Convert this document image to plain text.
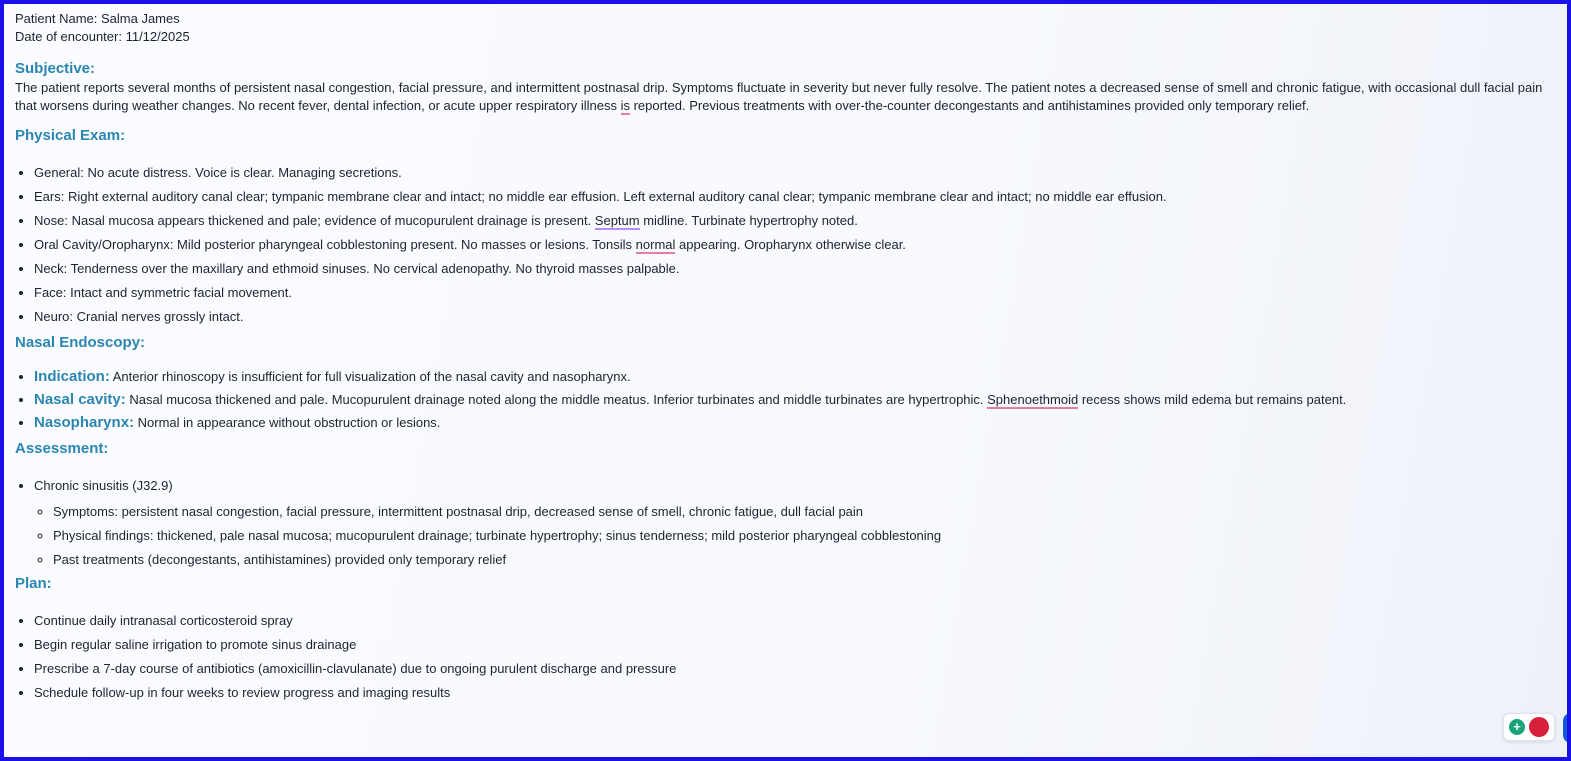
Patient Name: Salma James
Date of encounter: 11/12/2025
Subjective:

The patient reports several months of persistent nasal congestion, facial pressure, and intermittent postnasal drip. Symptoms fluctuate in severity but never fully resolve. The patient notes a decreased sense of smell and chronic fatigue, with occasional dull facial pain that worsens during weather changes. No recent fever, dental infection, or acute upper respiratory illness is reported. Previous treatments with over-the-counter decongestants and antihistamines provided only temporary relief.

Physical Exam:
• General: No acute distress. Voice is clear. Managing secretions.
• Ears: Right external auditory canal clear; tympanic membrane clear and intact; no middle ear effusion. Left external auditory canal clear; tympanic membrane clear and intact; no middle ear effusion.
• Nose: Nasal mucosa appears thickened and pale; evidence of mucopurulent drainage is present. Septum midline. Turbinate hypertrophy noted.
• Oral Cavity/Oropharynx: Mild posterior pharyngeal cobblestoning present. No masses or lesions. Tonsils normal appearing. Oropharynx otherwise clear.
• Neck: Tenderness over the maxillary and ethmoid sinuses. No cervical adenopathy. No thyroid masses palpable.
• Face: Intact and symmetric facial movement.
• Neuro: Cranial nerves grossly intact.
Nasal Endoscopy:
• Indication: Anterior rhinoscopy is insufficient for full visualization of the nasal cavity and nasopharynx.
• Nasal cavity: Nasal mucosa thickened and pale. Mucopurulent drainage noted along the middle meatus. Inferior turbinates and middle turbinates are hypertrophic. Sphenoethmoid recess shows mild edema but remains patent.
• Nasopharynx: Normal in appearance without obstruction or lesions.
Assessment:
• Chronic sinusitis (J32.9)
◦ Symptoms: persistent nasal congestion, facial pressure, intermittent postnasal drip, decreased sense of smell, chronic fatigue, dull facial pain
◦ Physical findings: thickened, pale nasal mucosa; mucopurulent drainage; turbinate hypertrophy; sinus tenderness; mild posterior pharyngeal cobblestoning
◦ Past treatments (decongestants, antihistamines) provided only temporary relief
Plan:
• Continue daily intranasal corticosteroid spray
• Begin regular saline irrigation to promote sinus drainage
• Prescribe a 7-day course of antibiotics (amoxicillin-clavulanate) due to ongoing purulent discharge and pressure
• Schedule follow-up in four weeks to review progress and imaging results
+
